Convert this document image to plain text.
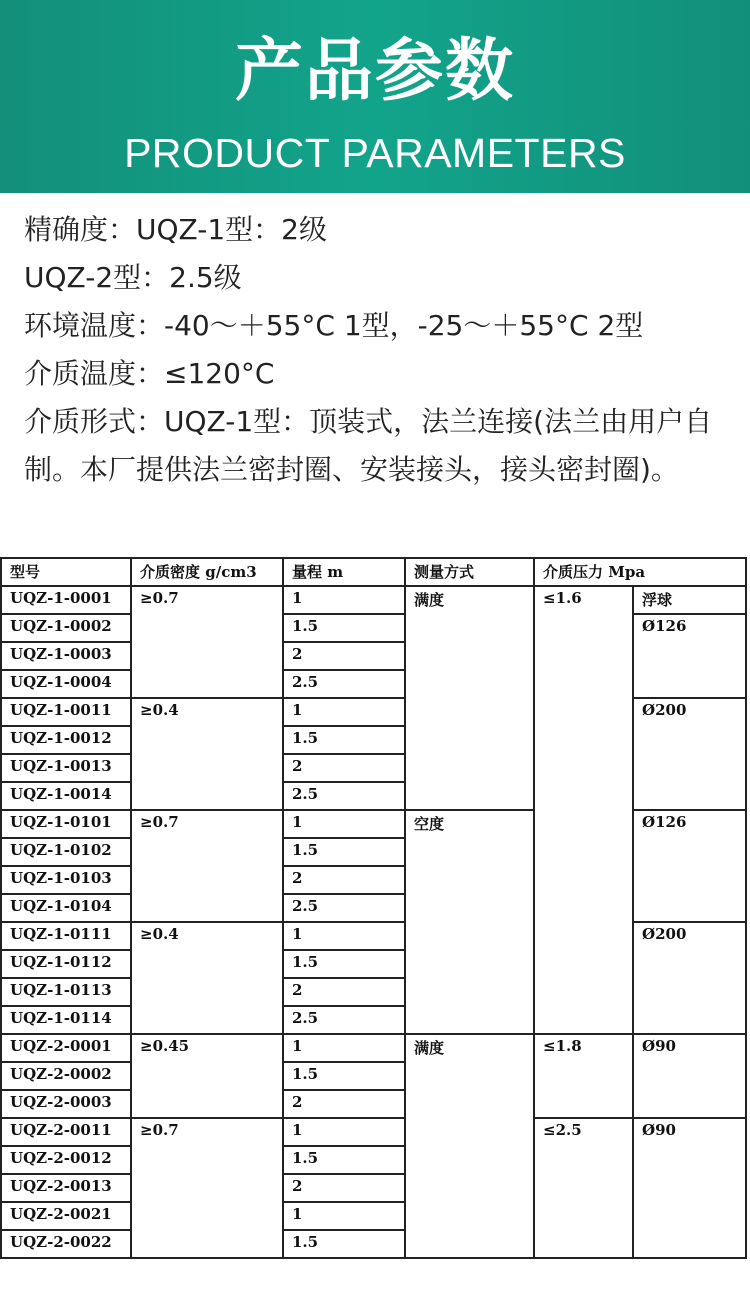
产品参数
PRODUCT PARAMETERS
精确度：UQZ-1型：2级
UQZ-2型：2.5级
环境温度：-40～＋55°C 1型，-25～＋55°C 2型
介质温度：≤120°C
介质形式：UQZ-1型：顶装式，法兰连接(法兰由用户自制。本厂提供法兰密封圈、安装接头，接头密封圈)。
型号	介质密度 g/cm3	量程 m	测量方式	介质压力 Mpa	
UQZ-1-0001	≥0.7	1	满度	≤1.6	浮球
UQZ-1-0002		1.5			Ø126
UQZ-1-0003		2			
UQZ-1-0004		2.5			
UQZ-1-0011	≥0.4	1			Ø200
UQZ-1-0012		1.5			
UQZ-1-0013		2			
UQZ-1-0014		2.5			
UQZ-1-0101	≥0.7	1	空度		Ø126
UQZ-1-0102		1.5			
UQZ-1-0103		2			
UQZ-1-0104		2.5			
UQZ-1-0111	≥0.4	1			Ø200
UQZ-1-0112		1.5			
UQZ-1-0113		2			
UQZ-1-0114		2.5			
UQZ-2-0001	≥0.45	1	满度	≤1.8	Ø90
UQZ-2-0002		1.5			
UQZ-2-0003		2			
UQZ-2-0011	≥0.7	1		≤2.5	Ø90
UQZ-2-0012		1.5			
UQZ-2-0013		2			
UQZ-2-0021		1			
UQZ-2-0022		1.5			
